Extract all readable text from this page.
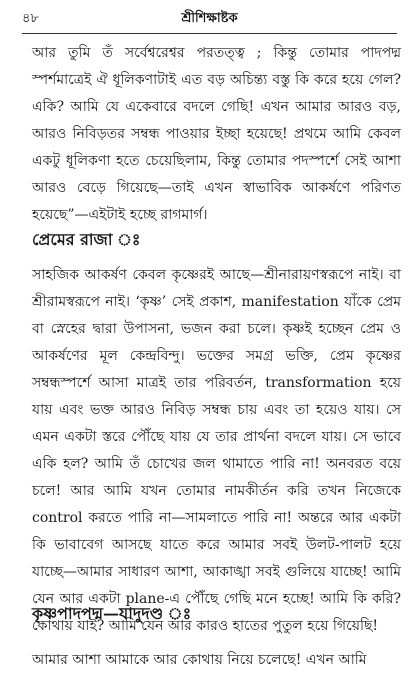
৪৮	শ্রীশিক্ষাষ্টক

আর তুমি তঁ সর্বেশ্বরেশ্বর পরতত্ত্ব ; কিন্তু তোমার পাদপদ্ম স্পর্শমাত্রেই ঐ ধূলিকণাটাই এত বড় অচিন্ত্য বস্তু কি করে হয়ে গেল? একি? আমি যে একেবারে বদলে গেছি! এখন আমার আরও বড়, আরও নিবিড়তর সম্বন্ধ পাওয়ার ইচ্ছা হয়েছে! প্রথমে আমি কেবল একটু ধূলিকণা হতে চেয়েছিলাম, কিন্তু তোমার পদস্পর্শে সেই আশা আরও বেড়ে গিয়েছে—তাই এখন স্বাভাবিক আকর্ষণে পরিণত হয়েছে”—এইটাই হচ্ছে রাগমার্গ।

প্রেমের রাজা ঃ

সাহজিক আকর্ষণ কেবল কৃষ্ণেরই আছে—শ্রীনারায়ণস্বরূপে নাই। বা শ্রীরামস্বরূপে নাই। ‘কৃষ্ণ’ সেই প্রকাশ, manifestation যাঁকে প্রেম বা স্নেহের দ্বারা উপাসনা, ভজন করা চলে। কৃষ্ণই হচ্ছেন প্রেম ও আকর্ষণের মূল কেন্দ্রবিন্দু। ভক্তের সমগ্র ভক্তি, প্রেম কৃষ্ণের সম্বন্ধস্পর্শে আসা মাত্রই তার পরিবর্তন, transformation হয়ে যায় এবং ভক্ত আরও নিবিড় সম্বন্ধ চায় এবং তা হয়েও যায়। সে এমন একটা স্তরে পৌঁছে যায় যে তার প্রার্থনা বদলে যায়। সে ভাবে একি হল? আমি তঁ চোখের জল থামাতে পারি না! অনবরত বয়ে চলে! আর আমি যখন তোমার নামকীর্তন করি তখন নিজেকে control করতে পারি না—সামলাতে পারি না! অন্তরে আর একটা কি ভাবাবেগ আসছে যাতে করে আমার সবই উলট-পালট হয়ে যাচ্ছে—আমার সাধারণ আশা, আকাঙ্খা সবই গুলিয়ে যাচ্ছে! আমি যেন আর একটা plane-এ পৌঁছে গেছি মনে হচ্ছে! আমি কি করি? কোথায় যাই? আমি যেন আর কারও হাতের পুতুল হয়ে গিয়েছি!

কৃষ্ণপাদপদ্ম—যাদুদণ্ড ঃ

আমার আশা আমাকে আর কোথায় নিয়ে চলেছে! এখন আমি
